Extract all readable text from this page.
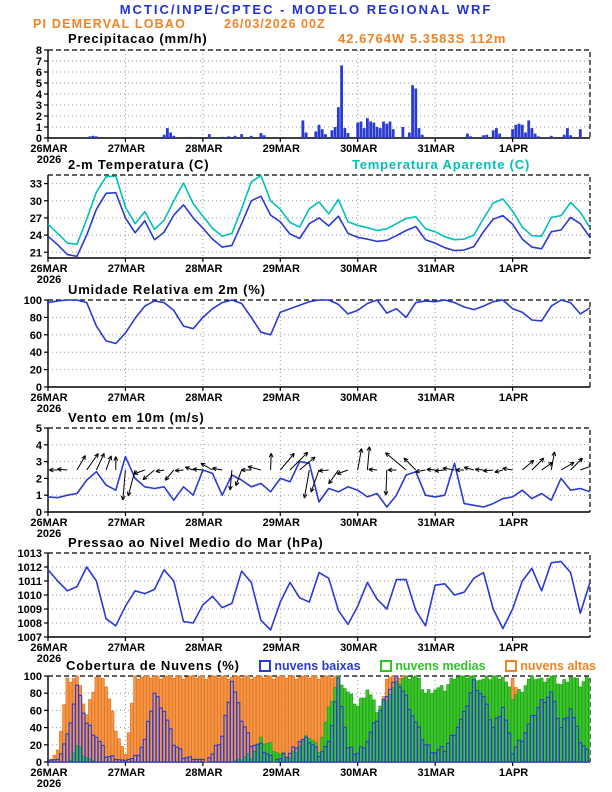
MCTIC/INPE/CPTEC - MODELO REGIONAL WRF
PI DEMERVAL LOBAO	26/03/2026 00Z
Precipitacao (mm/h)	42.6764W 5.3583S 112m
2-m Temperatura (C)	Temperatura Aparente (C)
Umidade Relativa em 2m (%)
Vento em 10m (m/s)
Pressao ao Nivel Medio do Mar (hPa)
Cobertura de Nuvens (%)	nuvens baixas	nuvens medias	nuvens altas
0
1
2
3
4
5
6
7
8
26MAR	27MAR	28MAR	29MAR	30MAR	31MAR	1APR
2026
21
24
27
30
33
26MAR	27MAR	28MAR	29MAR	30MAR	31MAR	1APR
2026
0
20
40
60
80
100
26MAR	27MAR	28MAR	29MAR	30MAR	31MAR	1APR
2026
0
1
2
3
4
5
26MAR	27MAR	28MAR	29MAR	30MAR	31MAR	1APR
2026
1007
1008
1009
1010
1011
1012
1013
26MAR	27MAR	28MAR	29MAR	30MAR	31MAR	1APR
2026
0
20
40
60
80
100
26MAR	27MAR	28MAR	29MAR	30MAR	31MAR	1APR
2026
